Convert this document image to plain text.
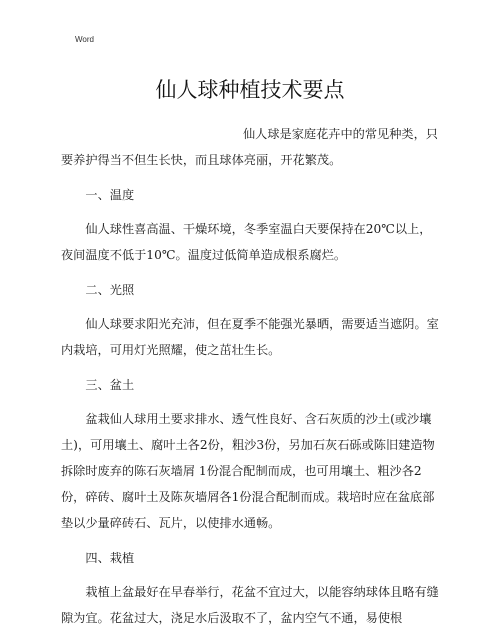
Word
仙人球种植技术要点

仙人球是家庭花卉中的常见种类，只要养护得当不但生长快，而且球体亮丽，开花繁茂。

一、温度

仙人球性喜高温、干燥环境，冬季室温白天要保持在20℃以上，夜间温度不低于10℃。温度过低简单造成根系腐烂。

二、光照

仙人球要求阳光充沛，但在夏季不能强光暴晒，需要适当遮阴。室内栽培，可用灯光照耀，使之茁壮生长。

三、盆土

盆栽仙人球用土要求排水、透气性良好、含石灰质的沙土(或沙壤土)，可用壤土、腐叶土各2份，粗沙3份，另加石灰石砾或陈旧建造物拆除时废弃的陈石灰墙屑 1份混合配制而成，也可用壤土、粗沙各2份，碎砖、腐叶土及陈灰墙屑各1份混合配制而成。栽培时应在盆底部垫以少量碎砖石、瓦片，以使排水通畅。

四、栽植

栽植上盆最好在早春举行，花盆不宜过大，以能容纳球体且略有缝隙为宜。花盆过大，浇足水后汲取不了，盆内空气不通，易使根
